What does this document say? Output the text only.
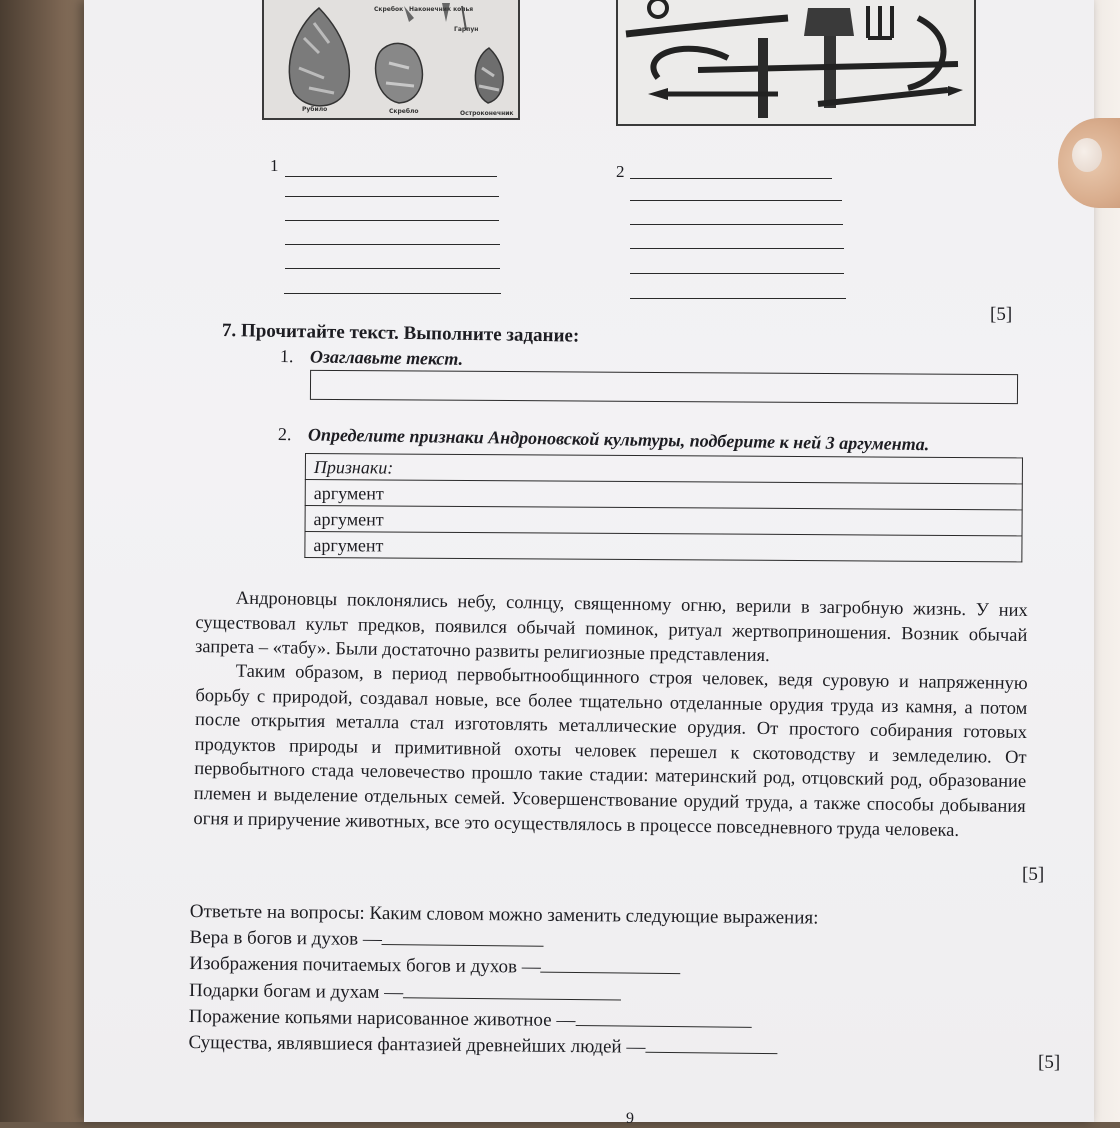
Скребок Наконечник копья
Гарпун
Рубило	Скребло	Остроконечник
1	2
[5]
7. Прочитайте текст. Выполните задание:
1. Озаглавьте текст.
2. Определите признаки Андроновской культуры, подберите к ней 3 аргумента.
Признаки:
аргумент
аргумент
аргумент
Андроновцы поклонялись небу, солнцу, священному огню, верили в загробную жизнь. У них существовал культ предков, появился обычай поминок, ритуал жертвоприношения. Возник обычай запрета – «табу». Были достаточно развиты религиозные представления.
Таким образом, в период первобытнообщинного строя человек, ведя суровую и напряженную борьбу с природой, создавал новые, все более тщательно отделанные орудия труда из камня, а потом после открытия металла стал изготовлять металлические орудия. От простого собирания готовых продуктов природы и примитивной охоты человек перешел к скотоводству и земледелию. От первобытного стада человечество прошло такие стадии: материнский род, отцовский род, образование племен и выделение отдельных семей. Усовершенствование орудий труда, а также способы добывания огня и приручение животных, все это осуществлялось в процессе повседневного труда человека.
[5]
Ответьте на вопросы: Каким словом можно заменить следующие выражения:
Вера в богов и духов —
Изображения почитаемых богов и духов —
Подарки богам и духам —
Поражение копьями нарисованное животное —
Существа, являвшиеся фантазией древнейших людей —
[5]
9
